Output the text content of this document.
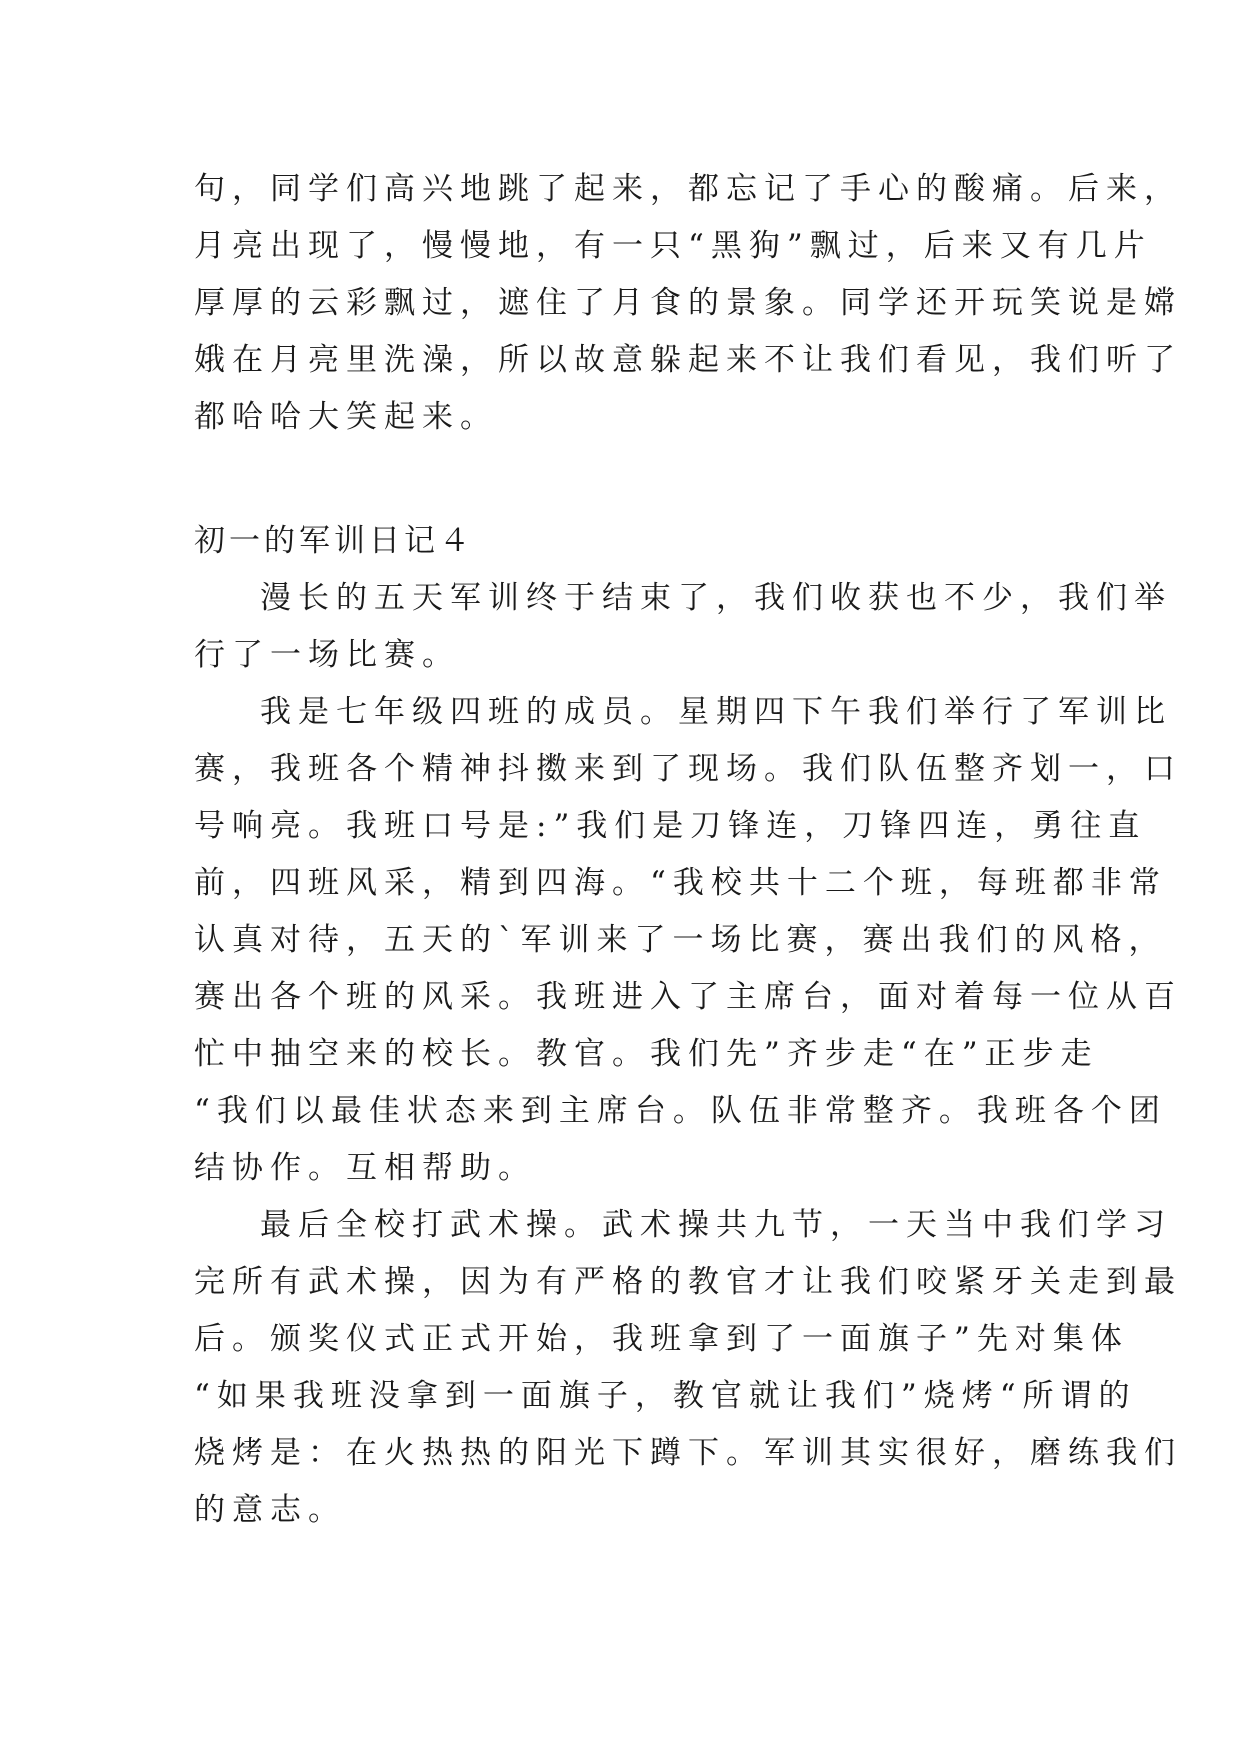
句，同学们高兴地跳了起来，都忘记了手心的酸痛。后来，
月亮出现了，慢慢地，有一只“黑狗”飘过，后来又有几片
厚厚的云彩飘过，遮住了月食的景象。同学还开玩笑说是嫦
娥在月亮里洗澡，所以故意躲起来不让我们看见，我们听了
都哈哈大笑起来。
初一的军训日记４
漫长的五天军训终于结束了，我们收获也不少，我们举
行了一场比赛。
我是七年级四班的成员。星期四下午我们举行了军训比
赛，我班各个精神抖擞来到了现场。我们队伍整齐划一，口
号响亮。我班口号是:”我们是刀锋连，刀锋四连，勇往直
前，四班风采，精到四海。“我校共十二个班，每班都非常
认真对待，五天的`军训来了一场比赛，赛出我们的风格，
赛出各个班的风采。我班进入了主席台，面对着每一位从百
忙中抽空来的校长。教官。我们先”齐步走“在”正步走
“我们以最佳状态来到主席台。队伍非常整齐。我班各个团
结协作。互相帮助。
最后全校打武术操。武术操共九节，一天当中我们学习
完所有武术操，因为有严格的教官才让我们咬紧牙关走到最
后。颁奖仪式正式开始，我班拿到了一面旗子”先对集体
“如果我班没拿到一面旗子，教官就让我们”烧烤“所谓的
烧烤是：在火热热的阳光下蹲下。军训其实很好，磨练我们
的意志。
